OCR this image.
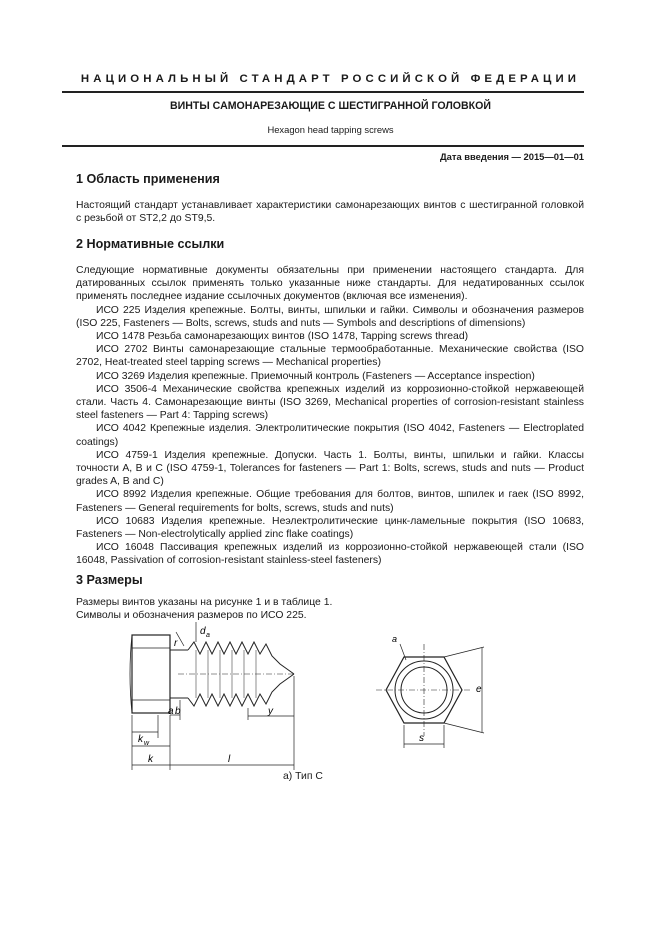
НАЦИОНАЛЬНЫЙ СТАНДАРТ РОССИЙСКОЙ ФЕДЕРАЦИИ
ВИНТЫ САМОНАРЕЗАЮЩИЕ С ШЕСТИГРАННОЙ ГОЛОВКОЙ
Hexagon head tapping screws
Дата введения — 2015—01—01
1 Область применения

Настоящий стандарт устанавливает характеристики самонарезающих винтов с шестигранной головкой с резьбой от ST2,2 до ST9,5.

2 Нормативные ссылки

Следующие нормативные документы обязательны при применении настоящего стандарта. Для датированных ссылок применять только указанные ниже стандарты. Для недатированных ссылок применять последнее издание ссылочных документов (включая все изменения).

ИСО 225 Изделия крепежные. Болты, винты, шпильки и гайки. Символы и обозначения размеров (ISO 225, Fasteners — Bolts, screws, studs and nuts — Symbols and descriptions of dimensions)

ИСО 1478 Резьба самонарезающих винтов (ISO 1478, Tapping screws thread)

ИСО 2702 Винты самонарезающие стальные термообработанные. Механические свойства (ISO 2702, Heat-treated steel tapping screws — Mechanical properties)

ИСО 3269 Изделия крепежные. Приемочный контроль (Fasteners — Acceptance inspection)

ИСО 3506-4 Механические свойства крепежных изделий из коррозионно-стойкой нержавеющей стали. Часть 4. Самонарезающие винты (ISO 3269, Mechanical properties of corrosion-resistant stainless steel fasteners — Part 4: Tapping screws)

ИСО 4042 Крепежные изделия. Электролитические покрытия (ISO 4042, Fasteners — Electroplated coatings)

ИСО 4759-1 Изделия крепежные. Допуски. Часть 1. Болты, винты, шпильки и гайки. Классы точности А, В и С (ISO 4759-1, Tolerances for fasteners — Part 1: Bolts, screws, studs and nuts — Product grades A, B and C)

ИСО 8992 Изделия крепежные. Общие требования для болтов, винтов, шпилек и гаек (ISO 8992, Fasteners — General requirements for bolts, screws, studs and nuts)

ИСО 10683 Изделия крепежные. Неэлектролитические цинк-ламельные покрытия (ISO 10683, Fasteners — Non-electrolytically applied zinc flake coatings)

ИСО 16048 Пассивация крепежных изделий из коррозионно-стойкой нержавеющей стали (ISO 16048, Passivation of corrosion-resistant stainless-steel fasteners)

3 Размеры
Размеры винтов указаны на рисунке 1 и в таблице 1.
Символы и обозначения размеров по ИСО 225.
r
d a
a b	y
k w
k	l
a
e
s
а) Тип С
